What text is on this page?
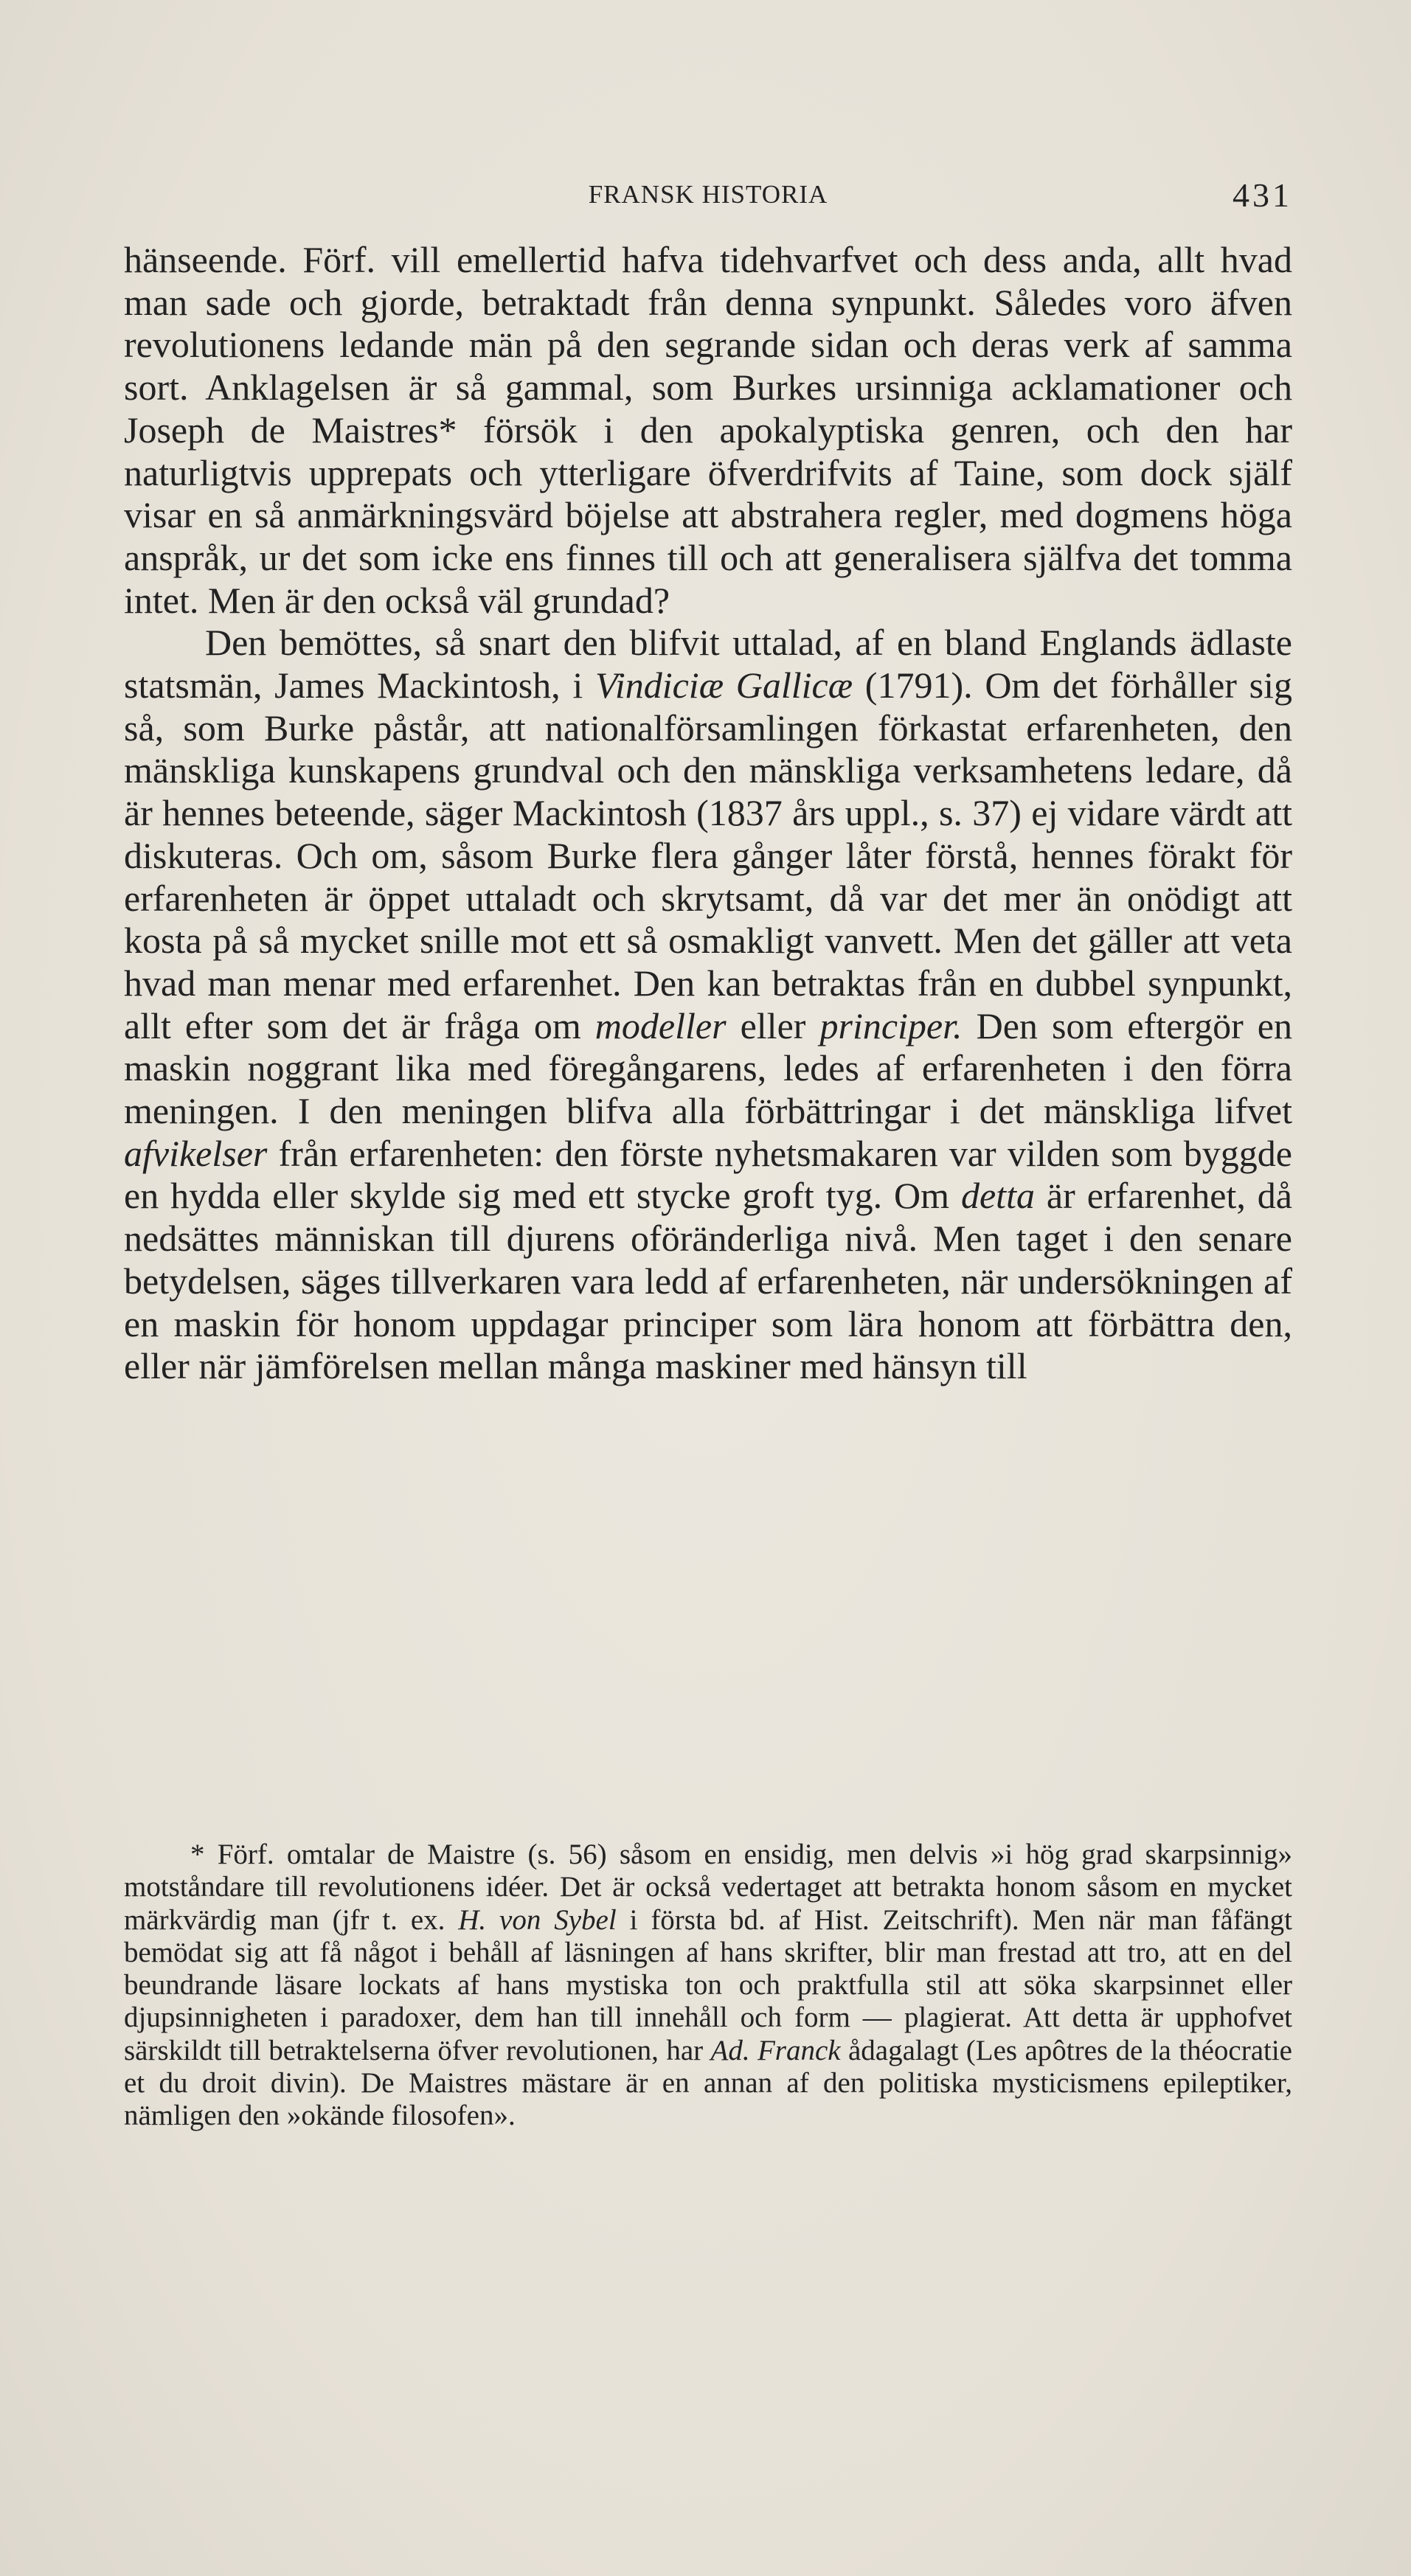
FRANSK HISTORIA	431

hänseende. Förf. vill emellertid hafva tidehvarfvet och dess anda, allt hvad man sade och gjorde, betraktadt från denna synpunkt. Således voro äfven revolutionens ledande män på den segrande sidan och deras verk af samma sort. Anklagelsen är så gammal, som Burkes ursinniga acklamationer och Joseph de Maistres* försök i den apokalyptiska genren, och den har naturligtvis upprepats och ytterligare öfverdrifvits af Taine, som dock själf visar en så anmärkningsvärd böjelse att abstrahera regler, med dogmens höga anspråk, ur det som icke ens finnes till och att generalisera själfva det tomma intet. Men är den också väl grundad?

Den bemöttes, så snart den blifvit uttalad, af en bland Englands ädlaste statsmän, James Mackintosh, i Vindiciæ Gallicæ (1791). Om det förhåller sig så, som Burke påstår, att nationalförsamlingen förkastat erfarenheten, den mänskliga kunskapens grundval och den mänskliga verksamhetens ledare, då är hennes beteende, säger Mackintosh (1837 års uppl., s. 37) ej vidare värdt att diskuteras. Och om, såsom Burke flera gånger låter förstå, hennes förakt för erfarenheten är öppet uttaladt och skrytsamt, då var det mer än onödigt att kosta på så mycket snille mot ett så osmakligt vanvett. Men det gäller att veta hvad man menar med erfarenhet. Den kan betraktas från en dubbel synpunkt, allt efter som det är fråga om modeller eller principer. Den som eftergör en maskin noggrant lika med föregångarens, ledes af erfarenheten i den förra meningen. I den meningen blifva alla förbättringar i det mänskliga lifvet afvikelser från erfarenheten: den förste nyhetsmakaren var vilden som byggde en hydda eller skylde sig med ett stycke groft tyg. Om detta är erfarenhet, då nedsättes människan till djurens oföränderliga nivå. Men taget i den senare betydelsen, säges tillverkaren vara ledd af erfarenheten, när undersökningen af en maskin för honom uppdagar principer som lära honom att förbättra den, eller när jämförelsen mellan många maskiner med hänsyn till

* Förf. omtalar de Maistre (s. 56) såsom en ensidig, men delvis »i hög grad skarpsinnig» motståndare till revolutionens idéer. Det är också vedertaget att betrakta honom såsom en mycket märkvärdig man (jfr t. ex. H. von Sybel i första bd. af Hist. Zeitschrift). Men när man fåfängt bemödat sig att få något i behåll af läsningen af hans skrifter, blir man frestad att tro, att en del beundrande läsare lockats af hans mystiska ton och praktfulla stil att söka skarpsinnet eller djupsinnigheten i paradoxer, dem han till innehåll och form — plagierat. Att detta är upphofvet särskildt till betraktelserna öfver revolutionen, har Ad. Franck ådagalagt (Les apôtres de la théocratie et du droit divin). De Maistres mästare är en annan af den politiska mysticismens epileptiker, nämligen den »okände filosofen».
